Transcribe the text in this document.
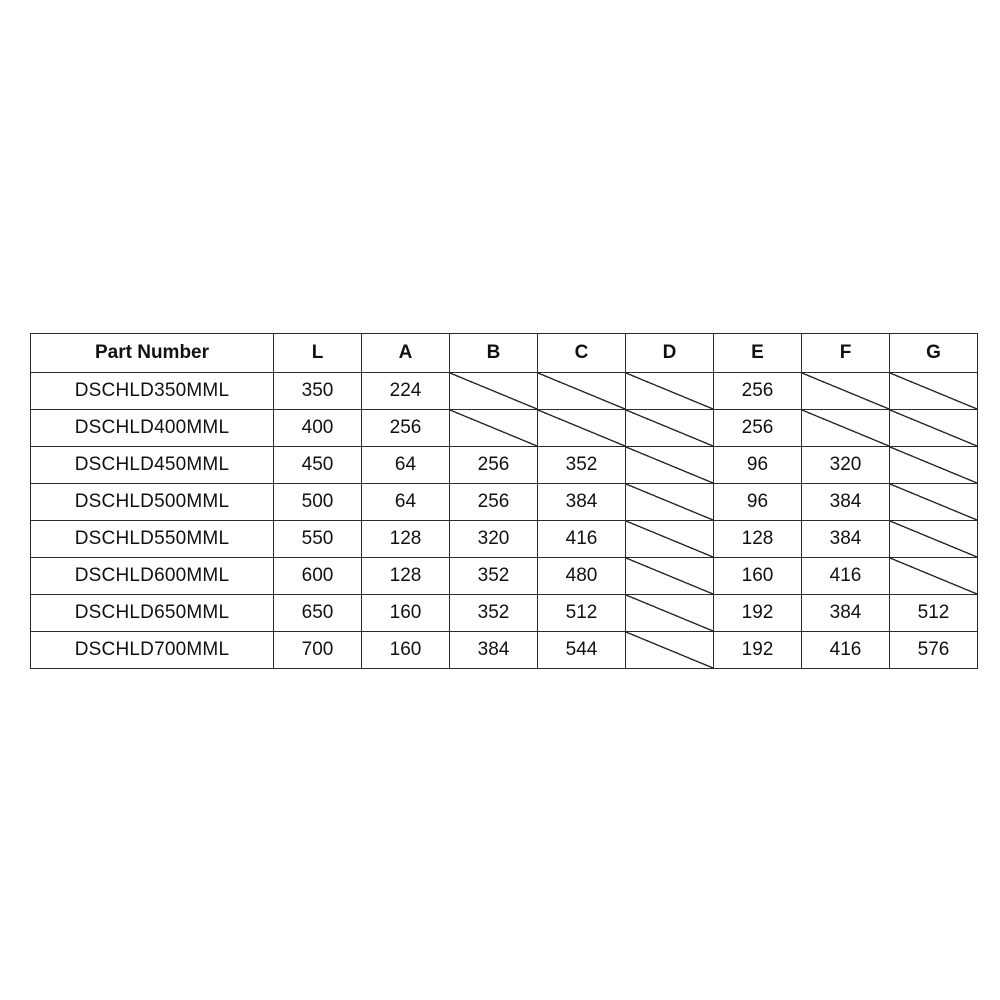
Part Number	L	A	B	C	D	E	F	G
DSCHLD350MML	350	224				256		
DSCHLD400MML	400	256				256		
DSCHLD450MML	450	64	256	352		96	320	
DSCHLD500MML	500	64	256	384		96	384	
DSCHLD550MML	550	128	320	416		128	384	
DSCHLD600MML	600	128	352	480		160	416	
DSCHLD650MML	650	160	352	512		192	384	512
DSCHLD700MML	700	160	384	544		192	416	576
